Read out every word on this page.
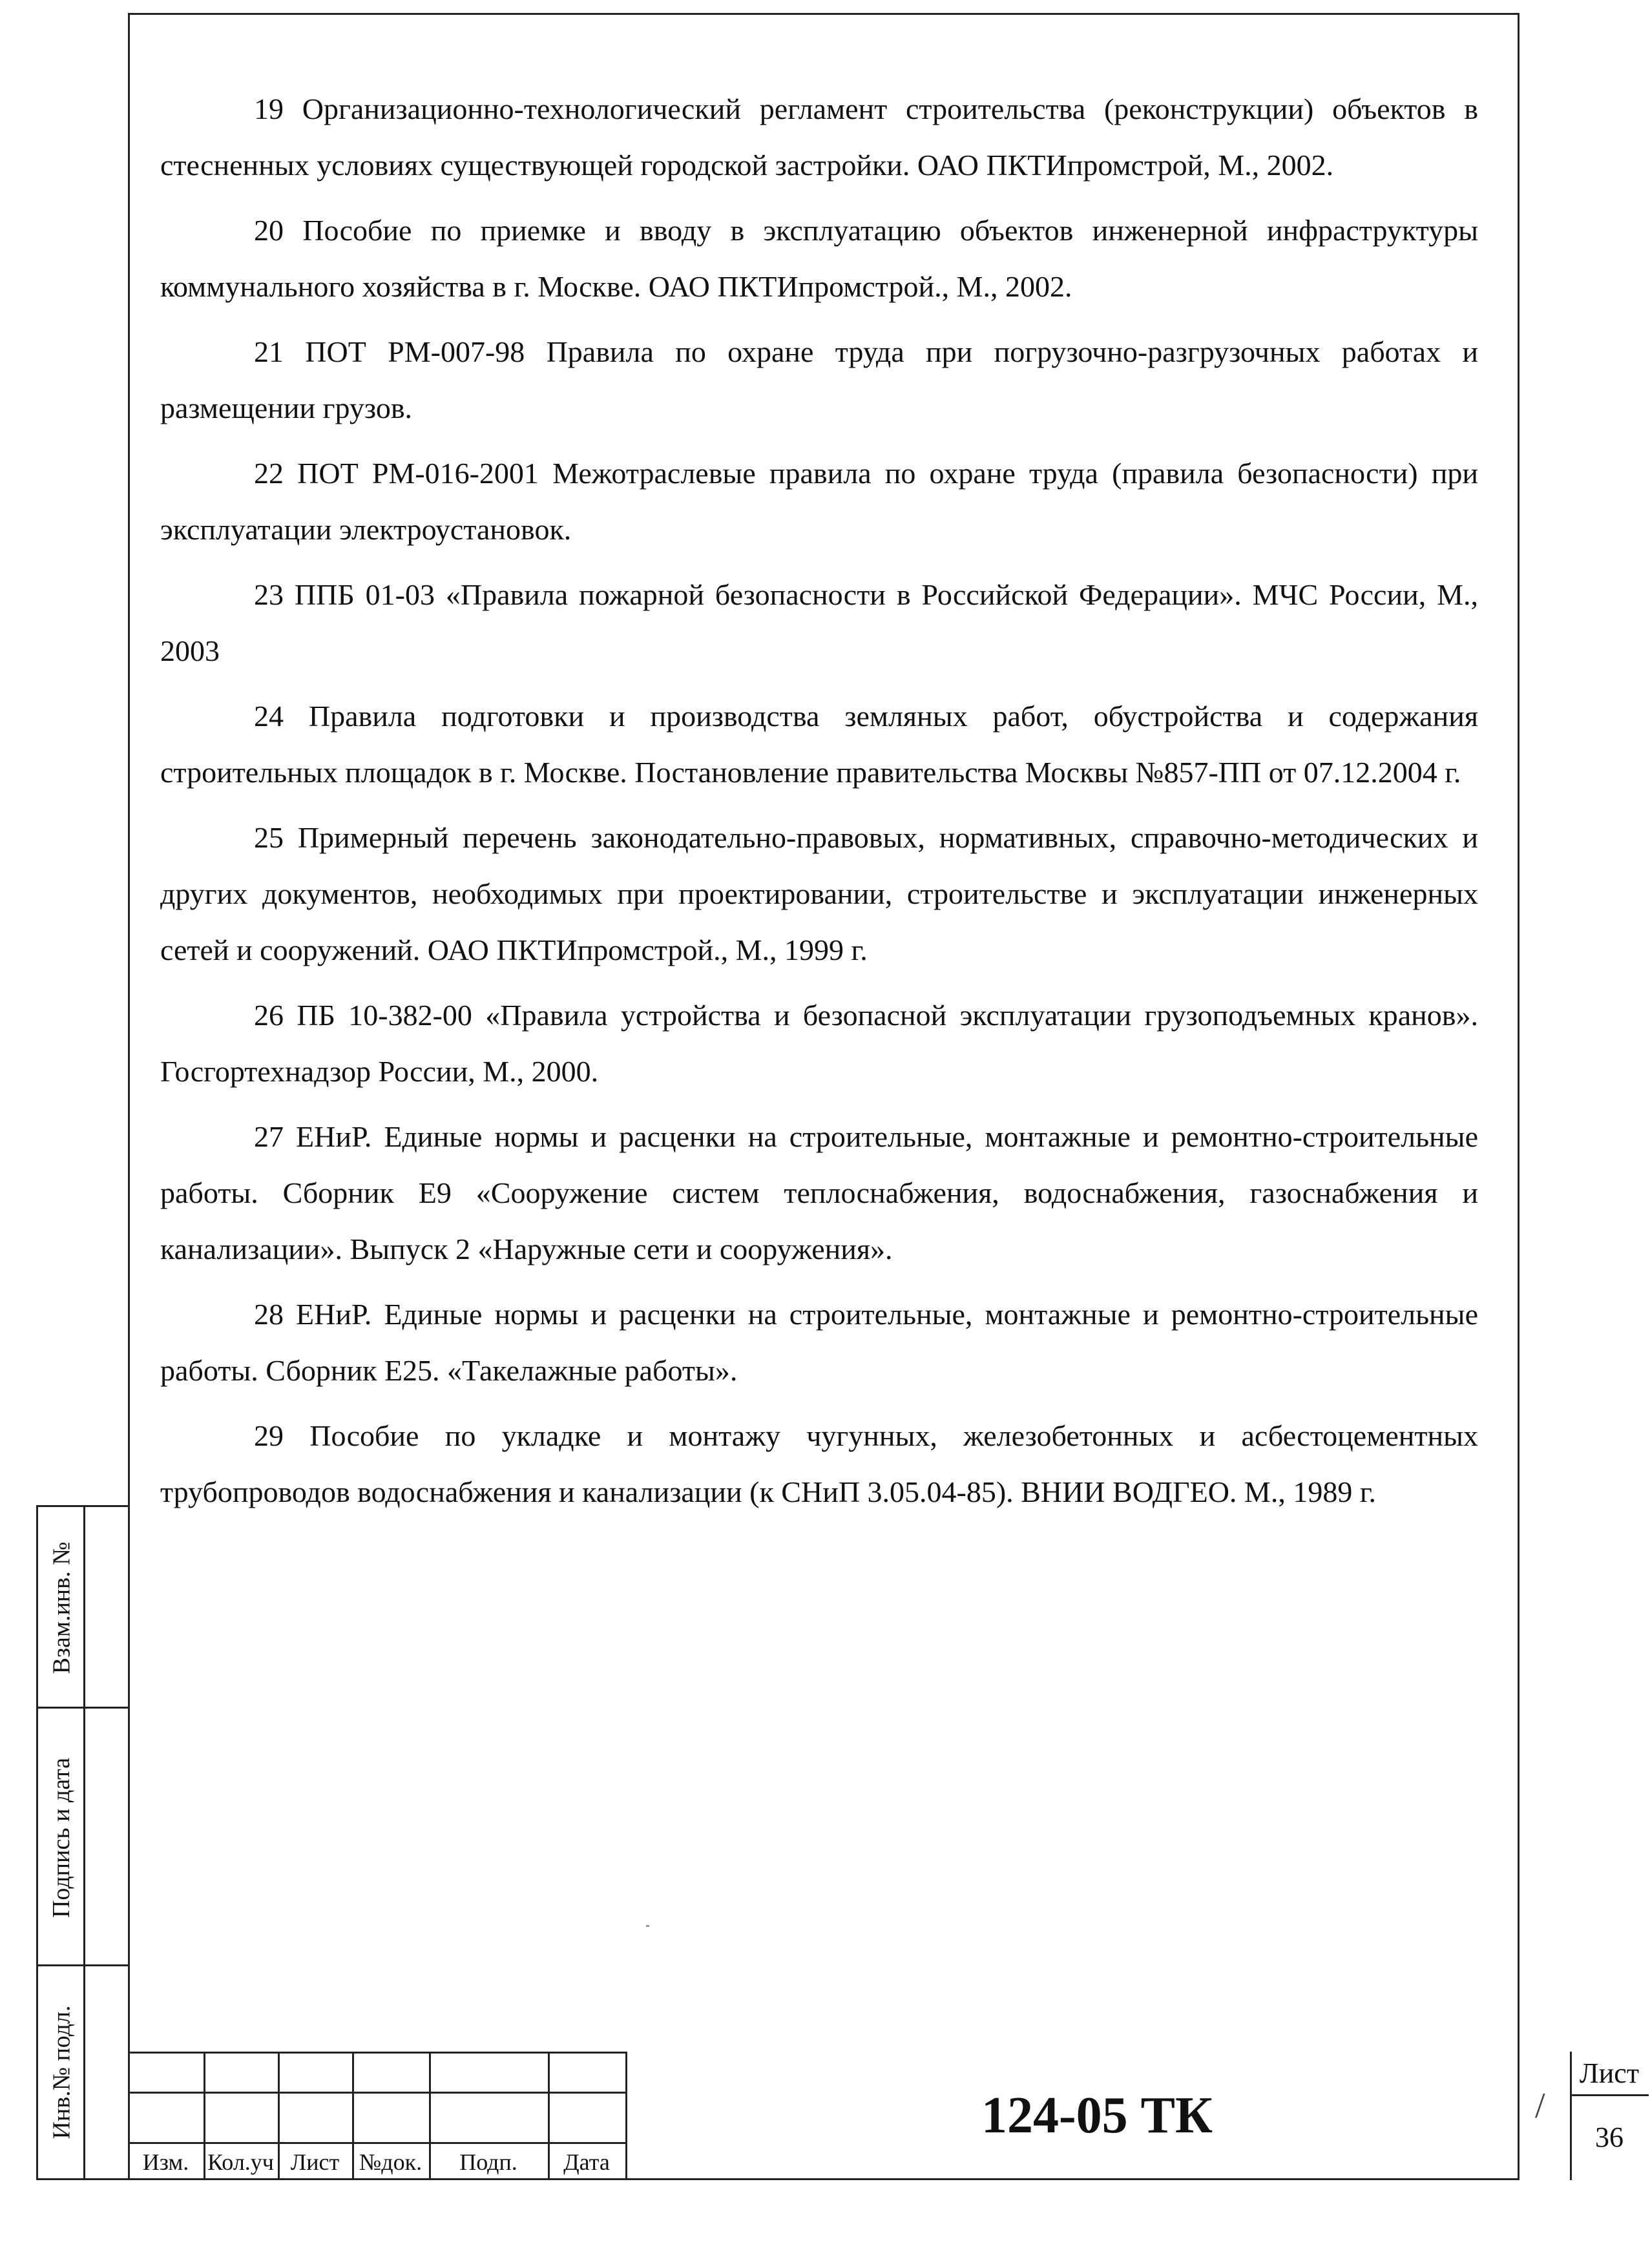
19 Организационно-технологический регламент строительства (реконструкции) объектов в стесненных условиях существующей городской застройки. ОАО ПКТИпромстрой, М., 2002.

20 Пособие по приемке и вводу в эксплуатацию объектов инженерной инфраструктуры коммунального хозяйства в г. Москве. ОАО ПКТИпромстрой., М., 2002.

21 ПОТ РМ-007-98 Правила по охране труда при погрузочно-разгрузочных работах и размещении грузов.

22 ПОТ РМ-016-2001 Межотраслевые правила по охране труда (правила безопасности) при эксплуатации электроустановок.

23 ППБ 01-03 «Правила пожарной безопасности в Российской Федерации». МЧС России, М., 2003

24 Правила подготовки и производства земляных работ, обустройства и содержания строительных площадок в г. Москве. Постановление правительства Москвы №857-ПП от 07.12.2004 г.

25 Примерный перечень законодательно-правовых, нормативных, справочно-методических и других документов, необходимых при проектировании, строительстве и эксплуатации инженерных сетей и сооружений. ОАО ПКТИпромстрой., М., 1999 г.

26 ПБ 10-382-00 «Правила устройства и безопасной эксплуатации грузоподъемных кранов». Госгортехнадзор России, М., 2000.

27 ЕНиР. Единые нормы и расценки на строительные, монтажные и ремонтно-строительные работы. Сборник Е9 «Сооружение систем теплоснабжения, водоснабжения, газоснабжения и канализации». Выпуск 2 «Наружные сети и сооружения».

28 ЕНиР. Единые нормы и расценки на строительные, монтажные и ремонтно-строительные работы. Сборник Е25. «Такелажные работы».

29 Пособие по укладке и монтажу чугунных, железобетонных и асбестоцементных трубопроводов водоснабжения и канализации (к СНиП 3.05.04-85). ВНИИ ВОДГЕО. М., 1989 г.

Взам.инв. №
Подпись и дата
Инв.№ подл.
Изм. Кол.уч Лист №док.	Подп.	Дата
124-05 ТК
Лист
36
/
